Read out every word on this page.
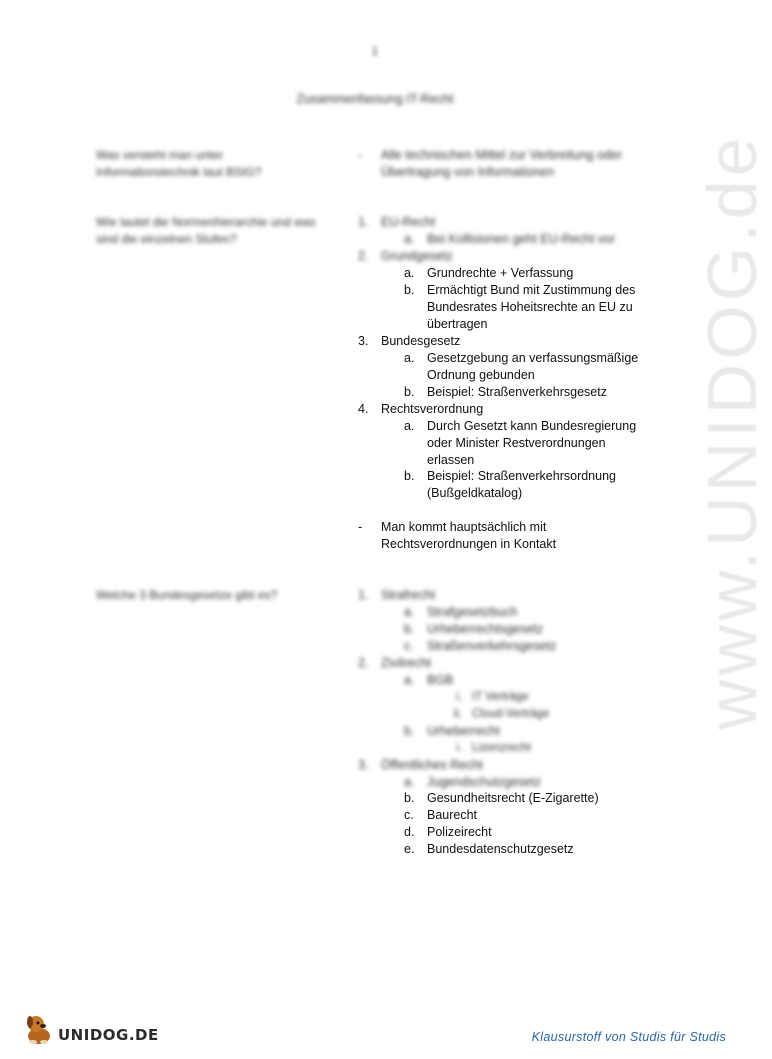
1
Zusammenfassung IT-Recht
Was versteht man unter Informationstechnik laut BSIG?
- Alle technischen Mittel zur Verbreitung oder Übertragung von Informationen
Wie lautet die Normenhierarchie und was sind die einzelnen Stufen?
1. EU-Recht
a. Bei Kollisionen geht EU-Recht vor
2. Grundgesetz
a. Grundrechte + Verfassung
b. Ermächtigt Bund mit Zustimmung des Bundesrates Hoheitsrechte an EU zu übertragen
3. Bundesgesetz
a. Gesetzgebung an verfassungsmäßige Ordnung gebunden
b. Beispiel: Straßenverkehrsgesetz
4. Rechtsverordnung
a. Durch Gesetzt kann Bundesregierung oder Minister Restverordnungen erlassen
b. Beispiel: Straßenverkehrsordnung (Bußgeldkatalog)
- Man kommt hauptsächlich mit Rechtsverordnungen in Kontakt
Welche 3 Bundesgesetze gibt es?	1. Strafrecht
a. Strafgesetzbuch
b. Urheberrechtsgesetz
c. Straßenverkehrsgesetz
2. Zivilrecht
a. BGB
i. IT Verträge
ii. Cloud-Verträge
b. Urheberrecht
i. Lizenzrecht
3. Öffentliches Recht
a. Jugendschutzgesetz
b. Gesundheitsrecht (E-Zigarette)
c. Baurecht
d. Polizeirecht
e. Bundesdatenschutzgesetz
www.UNIDOG.de
UNIDOG.DE	Klausurstoff von Studis für Studis
